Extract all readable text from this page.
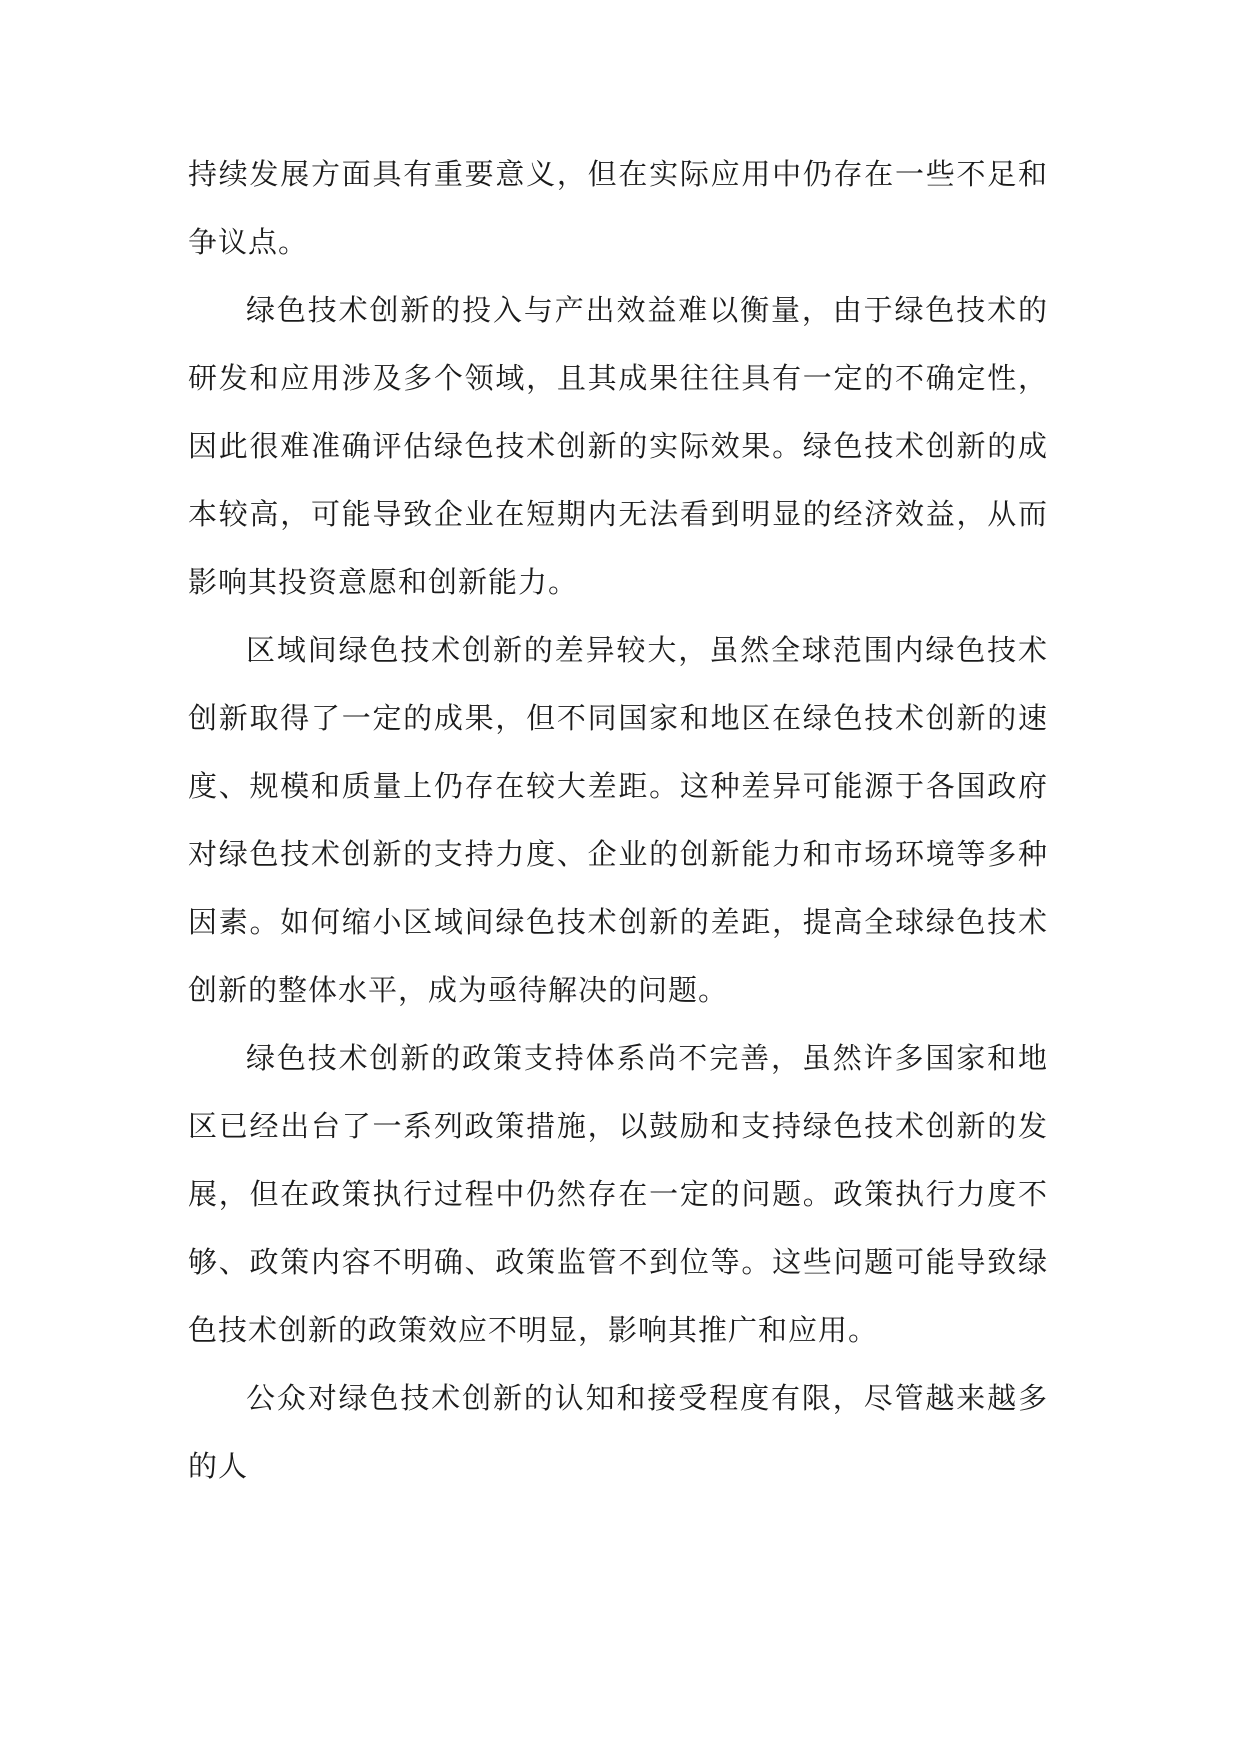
持续发展方面具有重要意义，但在实际应用中仍存在一些不足和争议点。

绿色技术创新的投入与产出效益难以衡量，由于绿色技术的研发和应用涉及多个领域，且其成果往往具有一定的不确定性，因此很难准确评估绿色技术创新的实际效果。绿色技术创新的成本较高，可能导致企业在短期内无法看到明显的经济效益，从而影响其投资意愿和创新能力。

区域间绿色技术创新的差异较大，虽然全球范围内绿色技术创新取得了一定的成果，但不同国家和地区在绿色技术创新的速度、规模和质量上仍存在较大差距。这种差异可能源于各国政府对绿色技术创新的支持力度、企业的创新能力和市场环境等多种因素。如何缩小区域间绿色技术创新的差距，提高全球绿色技术创新的整体水平，成为亟待解决的问题。

绿色技术创新的政策支持体系尚不完善，虽然许多国家和地区已经出台了一系列政策措施，以鼓励和支持绿色技术创新的发展，但在政策执行过程中仍然存在一定的问题。政策执行力度不够、政策内容不明确、政策监管不到位等。这些问题可能导致绿色技术创新的政策效应不明显，影响其推广和应用。

公众对绿色技术创新的认知和接受程度有限，尽管越来越多的人
